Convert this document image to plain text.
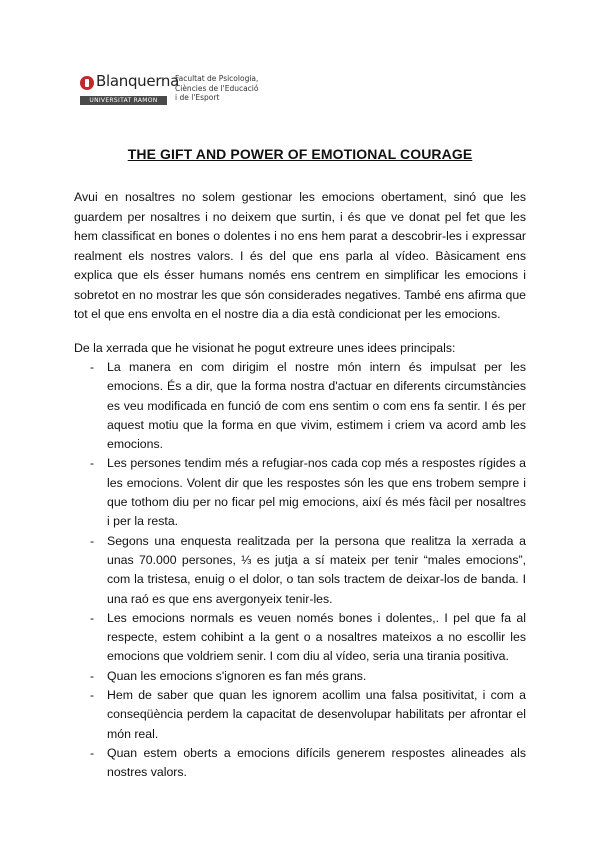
Blanquerna
UNIVERSITAT RAMON LLULL
Facultat de Psicologia,
Ciències de l'Educació
i de l'Esport
THE GIFT AND POWER OF EMOTIONAL COURAGE

Avui en nosaltres no solem gestionar les emocions obertament, sinó que les guardem per nosaltres i no deixem que surtin, i és que ve donat pel fet que les hem classificat en bones o dolentes i no ens hem parat a descobrir-les i expressar realment els nostres valors. I és del que ens parla al vídeo. Bàsicament ens explica que els ésser humans només ens centrem en simplificar les emocions i sobretot en no mostrar les que són considerades negatives. També ens afirma que tot el que ens envolta en el nostre dia a dia està condicionat per les emocions.

De la xerrada que he visionat he pogut extreure unes idees principals:

- La manera en com dirigim el nostre món intern és impulsat per les emocions. És a dir, que la forma nostra d'actuar en diferents circumstàncies es veu modificada en funció de com ens sentim o com ens fa sentir. I és per aquest motiu que la forma en que vivim, estimem i criem va acord amb les emocions.
- Les persones tendim més a refugiar-nos cada cop més a respostes rígides a les emocions. Volent dir que les respostes són les que ens trobem sempre i que tothom diu per no ficar pel mig emocions, així és més fàcil per nosaltres i per la resta.
- Segons una enquesta realitzada per la persona que realitza la xerrada a unas 70.000 persones, ⅓ es jutja a sí mateix per tenir “males emocions”, com la tristesa, enuig o el dolor, o tan sols tractem de deixar-los de banda. I una raó es que ens avergonyeix tenir-les.
- Les emocions normals es veuen només bones i dolentes,. I pel que fa al respecte, estem cohibint a la gent o a nosaltres mateixos a no escollir les emocions que voldriem senir. I com diu al vídeo, seria una tirania positiva.
- Quan les emocions s'ignoren es fan més grans.
- Hem de saber que quan les ignorem acollim una falsa positivitat, i com a conseqüència perdem la capacitat de desenvolupar habilitats per afrontar el món real.
- Quan estem oberts a emocions difícils generem respostes alineades als nostres valors.
